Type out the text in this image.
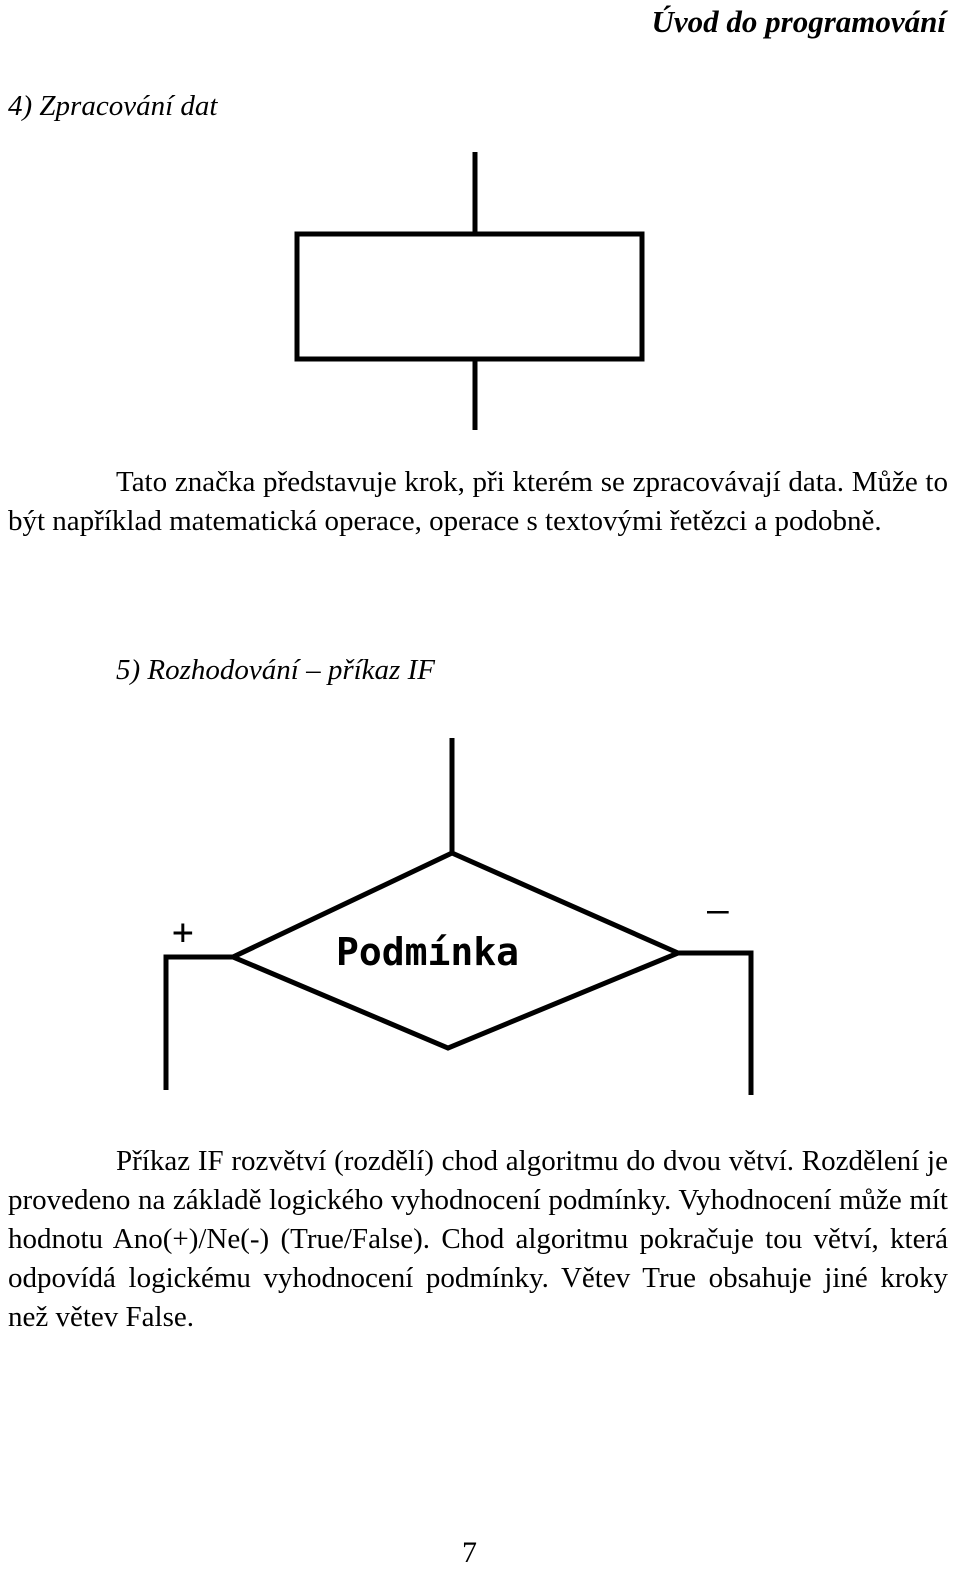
Úvod do programování
4) Zpracování dat
Podmínka
+
–
Tato značka představuje krok, při kterém se zpracovávají data. Může to být například matematická operace, operace s textovými řetězci a podobně.
5) Rozhodování – příkaz IF
Příkaz IF rozvětví (rozdělí) chod algoritmu do dvou větví. Rozdělení je provedeno na základě logického vyhodnocení podmínky. Vyhodnocení může mít hodnotu Ano(+)/Ne(-) (True/False). Chod algoritmu pokračuje tou větví, která odpovídá logickému vyhodnocení podmínky. Větev True obsahuje jiné kroky než větev False.
7
